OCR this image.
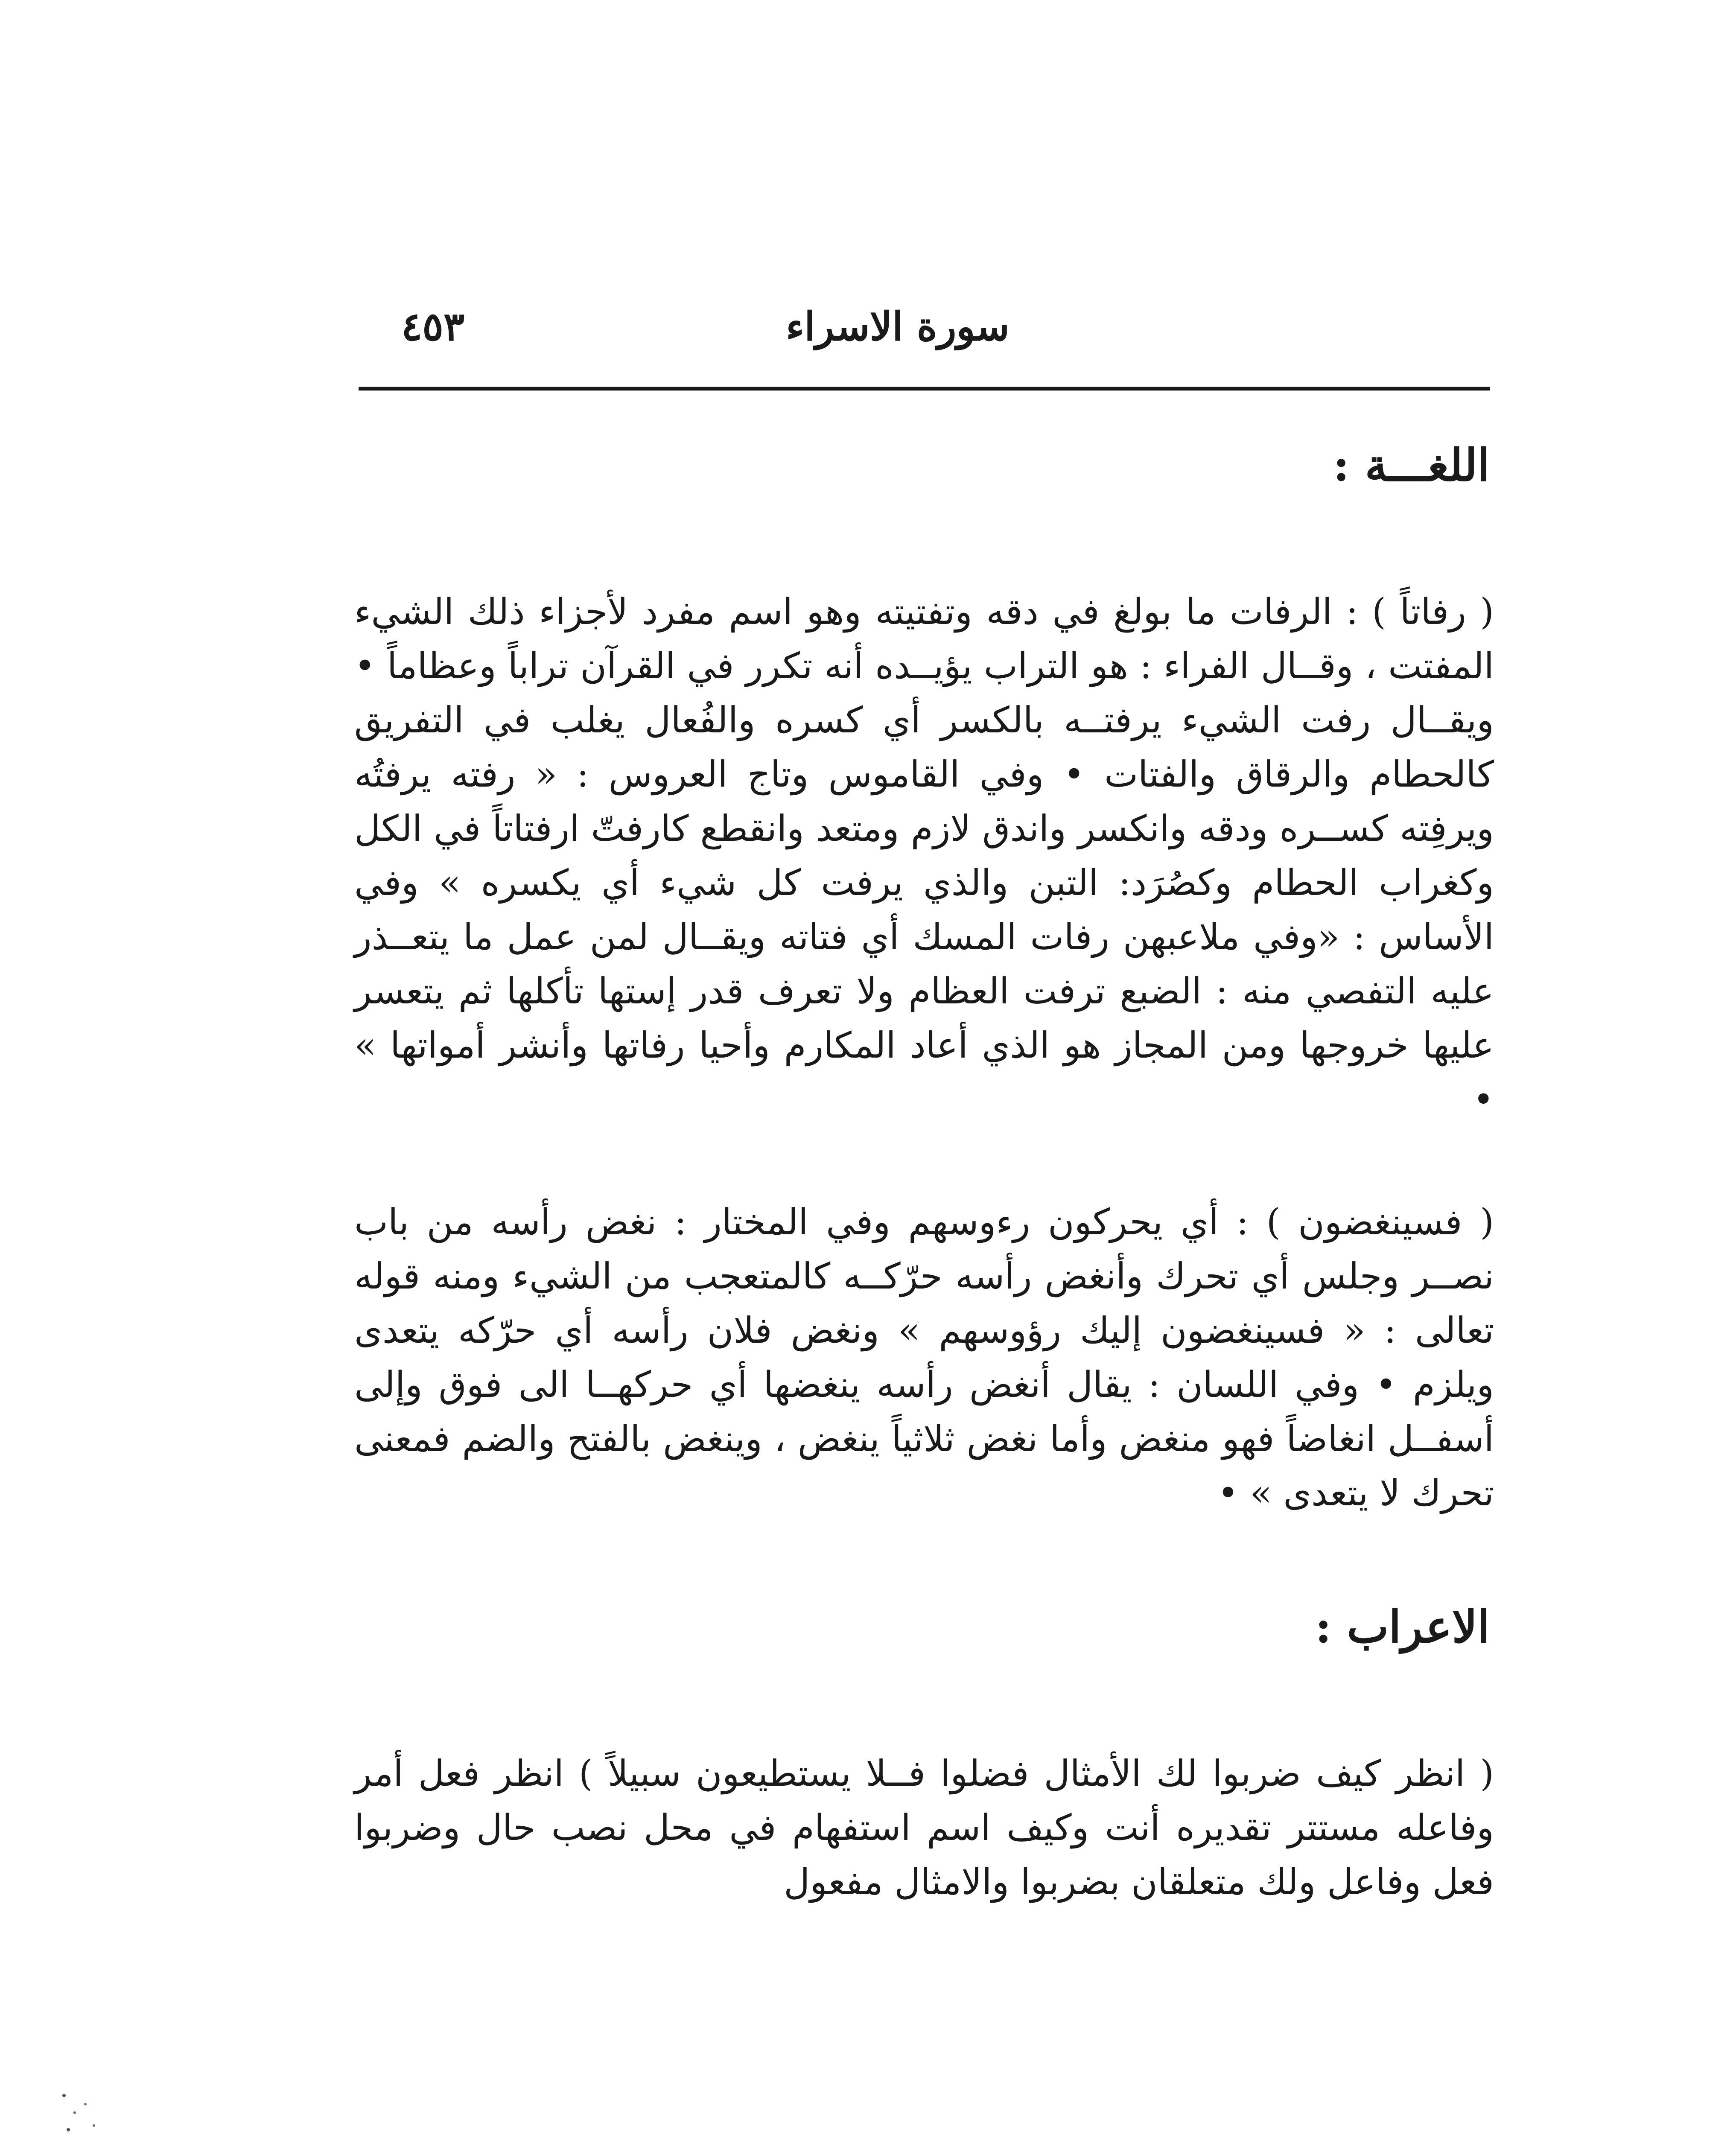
سورة الاسراء
٤٥٣
اللغـــة :

( رفاتاً ) : الرفات ما بولغ في دقه وتفتيته وهو اسم مفرد لأجزاء ذلك الشيء المفتت ، وقــال الفراء : هو التراب يؤيــده أنه تكرر في القرآن تراباً وعظاماً • ويقــال رفت الشيء يرفتــه بالكسر أي كسره والفُعال يغلب في التفريق كالحطام والرقاق والفتات • وفي القاموس وتاج العروس : « رفته يرفتُه ويرفِته كســره ودقه وانكسر واندق لازم ومتعد وانقطع كارفتّ ارفتاتاً في الكل وكغراب الحطام وكصُرَد: التبن والذي يرفت كل شيء أي يكسره » وفي الأساس : «وفي ملاعبهن رفات المسك أي فتاته ويقــال لمن عمل ما يتعــذر عليه التفصي منه : الضبع ترفت العظام ولا تعرف قدر إستها تأكلها ثم يتعسر عليها خروجها ومن المجاز هو الذي أعاد المكارم وأحيا رفاتها وأنشر أمواتها » •

( فسينغضون ) : أي يحركون رءوسهم وفي المختار : نغض رأسه من باب نصــر وجلس أي تحرك وأنغض رأسه حرّكــه كالمتعجب من الشيء ومنه قوله تعالى : « فسينغضون إليك رؤوسهم » ونغض فلان رأسه أي حرّكه يتعدى ويلزم • وفي اللسان : يقال أنغض رأسه ينغضها أي حركهــا الى فوق وإلى أسفــل انغاضاً فهو منغض وأما نغض ثلاثياً ينغض ، وينغض بالفتح والضم فمعنى تحرك لا يتعدى » •

الاعراب :

( انظر كيف ضربوا لك الأمثال فضلوا فــلا يستطيعون سبيلاً ) انظر فعل أمر وفاعله مستتر تقديره أنت وكيف اسم استفهام في محل نصب حال وضربوا فعل وفاعل ولك متعلقان بضربوا والامثال مفعول
